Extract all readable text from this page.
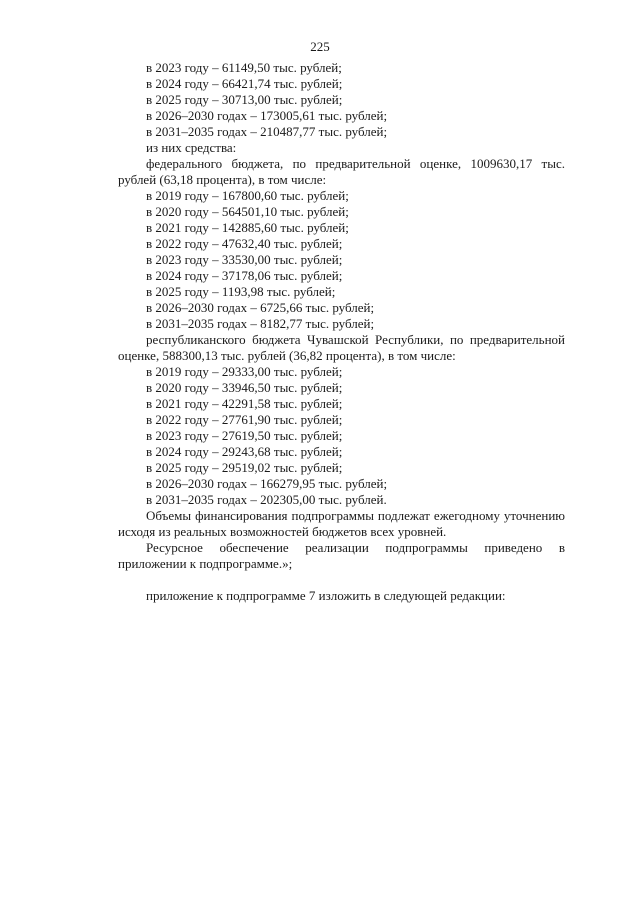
225
в 2023 году – 61149,50 тыс. рублей;
в 2024 году – 66421,74 тыс. рублей;
в 2025 году – 30713,00 тыс. рублей;
в 2026–2030 годах – 173005,61 тыс. рублей;
в 2031–2035 годах – 210487,77 тыс. рублей;
из них средства:
федерального бюджета, по предварительной оценке, 1009630,17 тыс. рублей (63,18 процента), в том числе:
в 2019 году – 167800,60 тыс. рублей;
в 2020 году – 564501,10 тыс. рублей;
в 2021 году – 142885,60 тыс. рублей;
в 2022 году – 47632,40 тыс. рублей;
в 2023 году – 33530,00 тыс. рублей;
в 2024 году – 37178,06 тыс. рублей;
в 2025 году – 1193,98 тыс. рублей;
в 2026–2030 годах – 6725,66 тыс. рублей;
в 2031–2035 годах – 8182,77 тыс. рублей;
республиканского бюджета Чувашской Республики, по предварительной оценке, 588300,13 тыс. рублей (36,82 процента), в том числе:
в 2019 году – 29333,00 тыс. рублей;
в 2020 году – 33946,50 тыс. рублей;
в 2021 году – 42291,58 тыс. рублей;
в 2022 году – 27761,90 тыс. рублей;
в 2023 году – 27619,50 тыс. рублей;
в 2024 году – 29243,68 тыс. рублей;
в 2025 году – 29519,02 тыс. рублей;
в 2026–2030 годах – 166279,95 тыс. рублей;
в 2031–2035 годах – 202305,00 тыс. рублей.
Объемы финансирования подпрограммы подлежат ежегодному уточнению исходя из реальных возможностей бюджетов всех уровней.
Ресурсное обеспечение реализации подпрограммы приведено в приложении к подпрограмме.»;
приложение к подпрограмме 7 изложить в следующей редакции:
